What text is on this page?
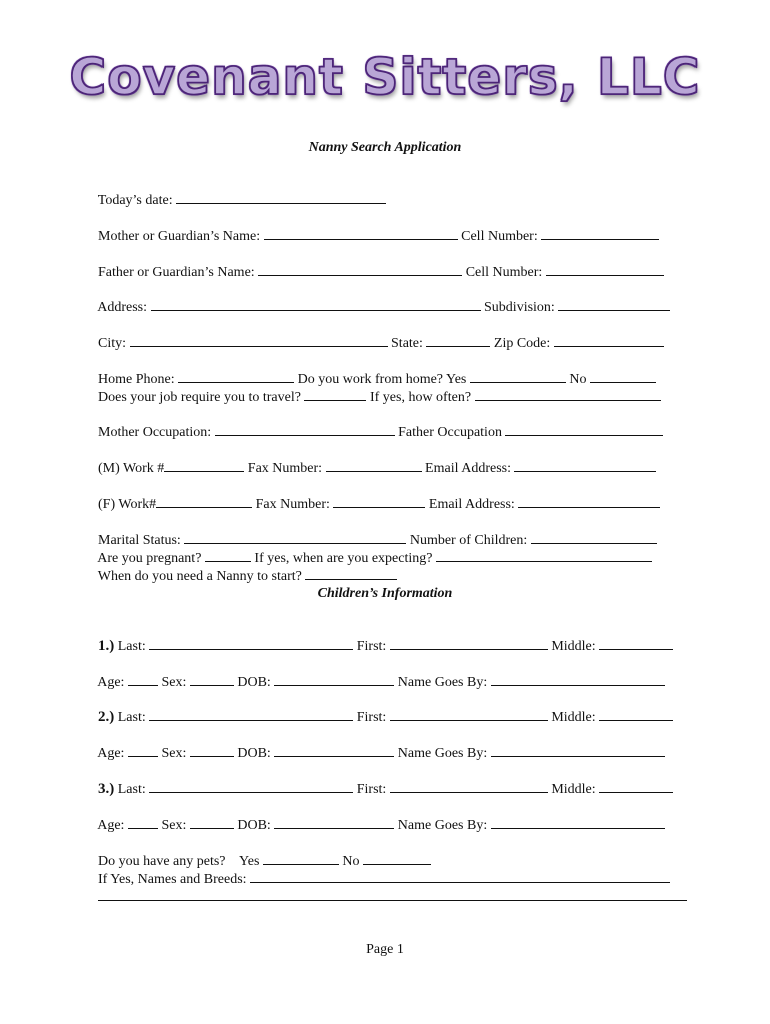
Covenant Sitters, LLC
Nanny Search Application

Today’s date:

Mother or Guardian’s Name:	Cell Number:

Father or Guardian’s Name:	Cell Number:

Address:	Subdivision:

City:	State:	Zip Code:

Home Phone:	Do you work from home? Yes	No

Does your job require you to travel?	If yes, how often?

Mother Occupation:	Father Occupation

(M) Work #	Fax Number:	Email Address:

(F) Work#	Fax Number:	Email Address:

Marital Status:	Number of Children:

Are you pregnant?	If yes, when are you expecting?

When do you need a Nanny to start?

Children’s Information

1.) Last:	First:	Middle:

Age:	Sex:	DOB:	Name Goes By:

2.) Last:	First:	Middle:

Age:	Sex:	DOB:	Name Goes By:

3.) Last:	First:	Middle:

Age:	Sex:	DOB:	Name Goes By:

Do you have any pets? Yes	No

If Yes, Names and Breeds:

Page 1
